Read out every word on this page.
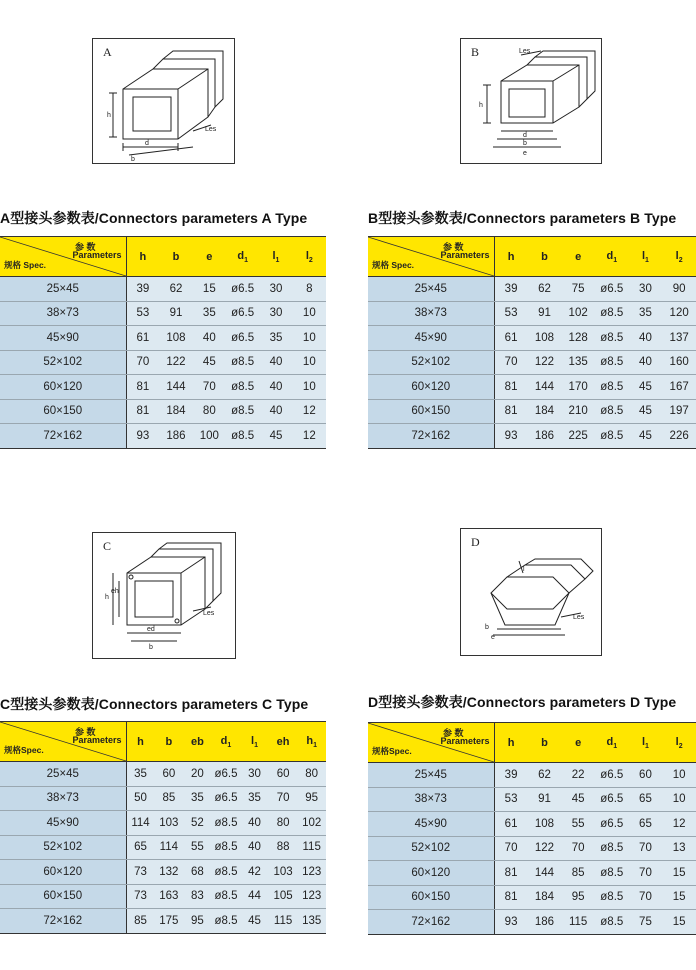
A
h
d
b
Les
B
h
d
b
e
Les
C
h
eh
ed
b
Les
D
l
b
e
Les
A型接头参数表/Connectors parameters A Type	B型接头参数表/Connectors parameters B Type
C型接头参数表/Connectors parameters C Type	D型接头参数表/Connectors parameters D Type
参 数
Parameters
规格 Spec.	h	b	e	$d_1$	$l_1$	$l_2$
25×45	39	62	15	ø6.5	30	8
38×73	53	91	35	ø6.5	30	10
45×90	61	108	40	ø6.5	35	10
52×102	70	122	45	ø8.5	40	10
60×120	81	144	70	ø8.5	40	10
60×150	81	184	80	ø8.5	40	12
72×162	93	186	100	ø8.5	45	12
参 数
Parameters
规格 Spec.	h	b	e	$d_1$	$l_1$	$l_2$
25×45	39	62	75	ø6.5	30	90
38×73	53	91	102	ø8.5	35	120
45×90	61	108	128	ø8.5	40	137
52×102	70	122	135	ø8.5	40	160
60×120	81	144	170	ø8.5	45	167
60×150	81	184	210	ø8.5	45	197
72×162	93	186	225	ø8.5	45	226
参 数
Parameters
规格Spec.	h	b	eb	$d_1$	$l_1$	eh	$h_1$
25×45	35	60	20	ø6.5	30	60	80
38×73	50	85	35	ø6.5	35	70	95
45×90	114	103	52	ø8.5	40	80	102
52×102	65	114	55	ø8.5	40	88	115
60×120	73	132	68	ø8.5	42	103	123
60×150	73	163	83	ø8.5	44	105	123
72×162	85	175	95	ø8.5	45	115	135
参 数
Parameters
规格Spec.	h	b	e	$d_1$	$l_1$	$l_2$
25×45	39	62	22	ø6.5	60	10
38×73	53	91	45	ø6.5	65	10
45×90	61	108	55	ø6.5	65	12
52×102	70	122	70	ø8.5	70	13
60×120	81	144	85	ø8.5	70	15
60×150	81	184	95	ø8.5	70	15
72×162	93	186	115	ø8.5	75	15
